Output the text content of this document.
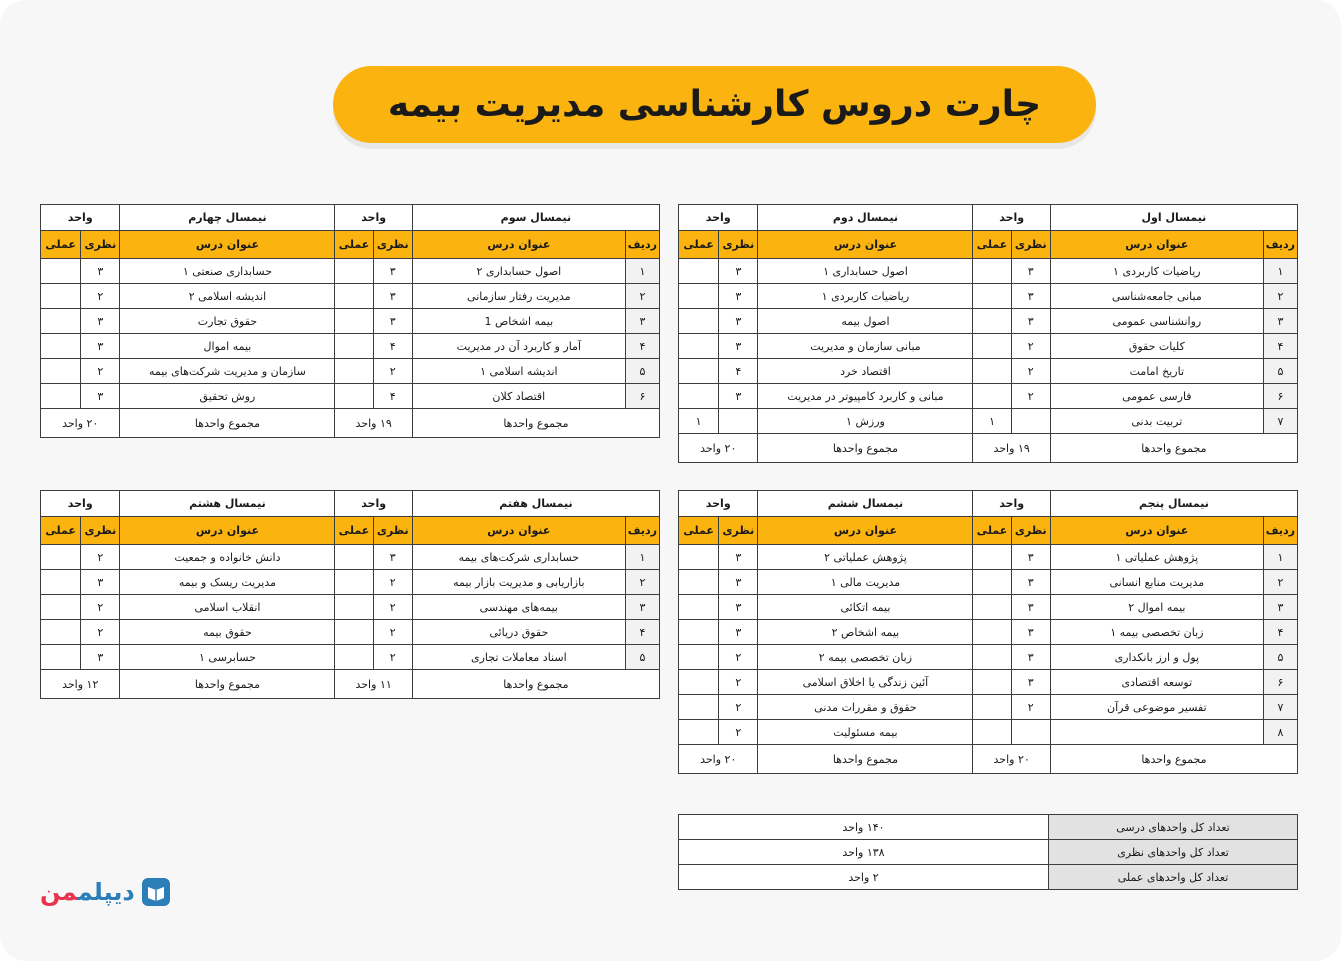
چارت دروس کارشناسی مدیریت بیمه
نیمسال اول		واحد		نیمسال دوم	واحد	
ردیف	عنوان درس	نظری	عملی	عنوان درس	نظری	عملی
۱	ریاضیات کاربردی ۱	۳		اصول حسابداری ۱	۳	
۲	مبانی جامعه‌شناسی	۳		ریاضیات کاربردی ۱	۳	
۳	روانشناسی عمومی	۳		اصول بیمه	۳	
۴	کلیات حقوق	۲		مبانی سازمان و مدیریت	۳	
۵	تاریخ امامت	۲		اقتصاد خرد	۴	
۶	فارسی عمومی	۲		مبانی و کاربرد کامپیوتر در مدیریت	۳	
۷	تربیت بدنی		۱	ورزش ۱		۱
مجموع واحدها		۱۹ واحد		مجموع واحدها	۲۰ واحد	
نیمسال سوم		واحد		نیمسال چهارم	واحد	
ردیف	عنوان درس	نظری	عملی	عنوان درس	نظری	عملی
۱	اصول حسابداری ۲	۳		حسابداری صنعتی ۱	۳	
۲	مدیریت رفتار سازمانی	۳		اندیشه اسلامی ۲	۲	
۳	بیمه اشخاص 1	۳		حقوق تجارت	۳	
۴	آمار و کاربرد آن در مدیریت	۴		بیمه اموال	۳	
۵	اندیشه اسلامی ۱	۲		سازمان و مدیریت شرکت‌های بیمه	۲	
۶	اقتصاد کلان	۴		روش تحقیق	۳	
مجموع واحدها		۱۹ واحد		مجموع واحدها	۲۰ واحد	
نیمسال پنجم		واحد		نیمسال ششم	واحد	
ردیف	عنوان درس	نظری	عملی	عنوان درس	نظری	عملی
۱	پژوهش عملیاتی ۱	۳		پژوهش عملیاتی ۲	۳	
۲	مدیریت منابع انسانی	۳		مدیریت مالی ۱	۳	
۳	بیمه اموال ۲	۳		بیمه اتکائی	۳	
۴	زبان تخصصی بیمه ۱	۳		بیمه اشخاص ۲	۳	
۵	پول و ارز بانکداری	۳		زبان تخصصی بیمه ۲	۲	
۶	توسعه اقتصادی	۳		آئین زندگی یا اخلاق اسلامی	۲	
۷	تفسیر موضوعی قرآن	۲		حقوق و مقررات مدنی	۲	
۸				بیمه مسئولیت	۲	
مجموع واحدها		۲۰ واحد		مجموع واحدها	۲۰ واحد	
نیمسال هفتم		واحد		نیمسال هشتم	واحد	
ردیف	عنوان درس	نظری	عملی	عنوان درس	نظری	عملی
۱	حسابداری شرکت‌های بیمه	۳		دانش خانواده و جمعیت	۲	
۲	بازاریابی و مدیریت بازار بیمه	۲		مدیریت ریسک و بیمه	۳	
۳	بیمه‌های مهندسی	۲		انقلاب اسلامی	۲	
۴	حقوق دریائی	۲		حقوق بیمه	۲	
۵	اسناد معاملات تجاری	۲		حسابرسی ۱	۳	
مجموع واحدها		۱۱ واحد		مجموع واحدها	۱۲ واحد	
تعداد کل واحدهای درسی	۱۴۰ واحد
تعداد کل واحدهای نظری	۱۳۸ واحد
تعداد کل واحدهای عملی	۲ واحد
دیپلممن
